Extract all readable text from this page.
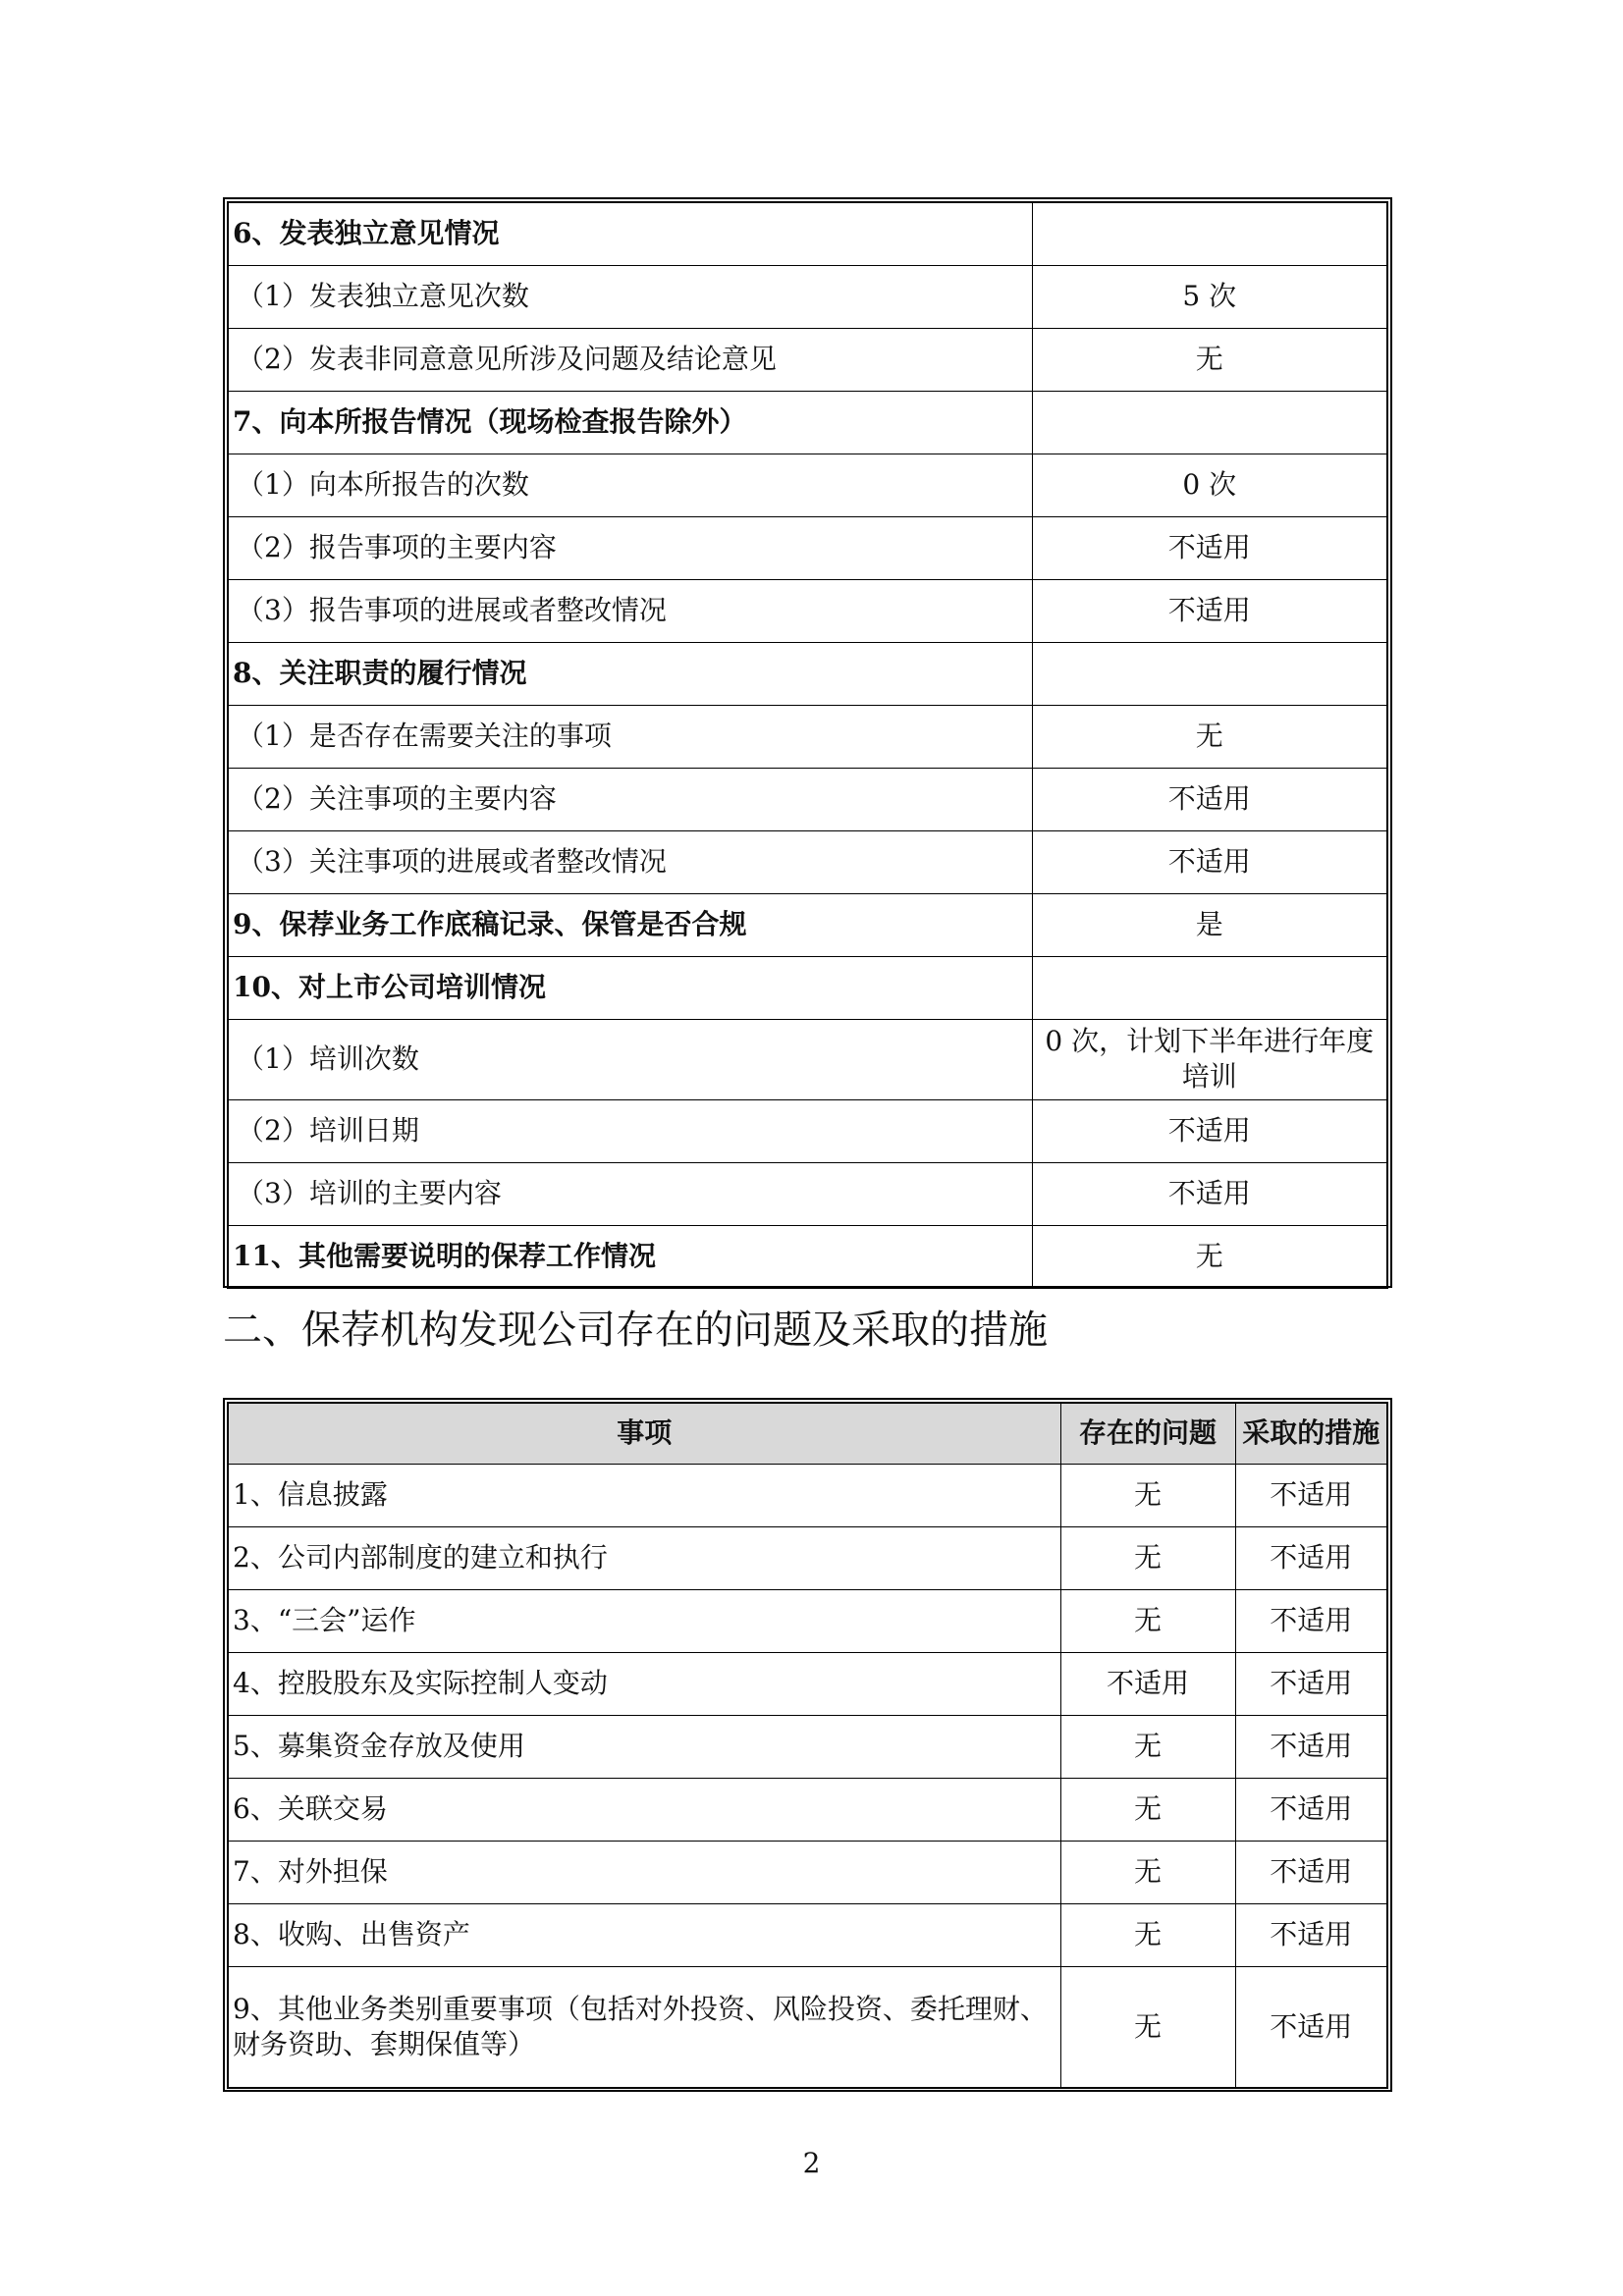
6、发表独立意见情况	
（1）发表独立意见次数	5 次
（2）发表非同意意见所涉及问题及结论意见	无
7、向本所报告情况（现场检查报告除外）	
（1）向本所报告的次数	0 次
（2）报告事项的主要内容	不适用
（3）报告事项的进展或者整改情况	不适用
8、关注职责的履行情况	
（1）是否存在需要关注的事项	无
（2）关注事项的主要内容	不适用
（3）关注事项的进展或者整改情况	不适用
9、保荐业务工作底稿记录、保管是否合规	是
10、对上市公司培训情况	
（1）培训次数	0 次，计划下半年进行年度培训
（2）培训日期	不适用
（3）培训的主要内容	不适用
11、其他需要说明的保荐工作情况	无
二、保荐机构发现公司存在的问题及采取的措施
事项	存在的问题	采取的措施
1、信息披露	无	不适用
2、公司内部制度的建立和执行	无	不适用
3、“三会”运作	无	不适用
4、控股股东及实际控制人变动	不适用	不适用
5、募集资金存放及使用	无	不适用
6、关联交易	无	不适用
7、对外担保	无	不适用
8、收购、出售资产	无	不适用
9、其他业务类别重要事项（包括对外投资、风险投资、委托理财、财务资助、套期保值等）	无	不适用
2
